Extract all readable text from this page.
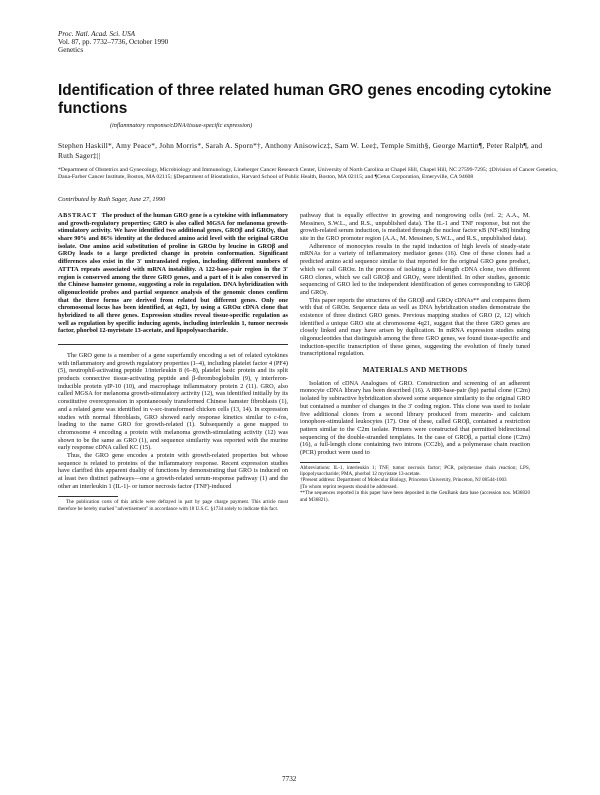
Proc. Natl. Acad. Sci. USA
Vol. 87, pp. 7732–7736, October 1990
Genetics
Identification of three related human GRO genes encoding cytokine functions
(inflammatory response/cDNA/tissue-specific expression)
Stephen Haskill*, Amy Peace*, John Morris*, Sarah A. Sporn*†, Anthony Anisowicz‡, Sam W. Lee‡, Temple Smith§, George Martin¶, Peter Ralph¶, and Ruth Sager‡||
*Department of Obstetrics and Gynecology, Microbiology and Immunology, Lineberger Cancer Research Center, University of North Carolina at Chapel Hill, Chapel Hill, NC 27599-7295; ‡Division of Cancer Genetics, Dana-Farber Cancer Institute, Boston, MA 02115; §Department of Biostatistics, Harvard School of Public Health, Boston, MA 02115; and ¶Cetus Corporation, Emeryville, CA 94608
Contributed by Ruth Sager, June 27, 1990

ABSTRACT The product of the human GRO gene is a cytokine with inflammatory and growth-regulatory properties; GRO is also called MGSA for melanoma growth-stimulatory activity. We have identified two additional genes, GROβ and GROγ, that share 90% and 86% identity at the deduced amino acid level with the original GROα isolate. One amino acid substitution of proline in GROα by leucine in GROβ and GROγ leads to a large predicted change in protein conformation. Significant differences also exist in the 3′ untranslated region, including different numbers of ATTTA repeats associated with mRNA instability. A 122-base-pair region in the 3′ region is conserved among the three GRO genes, and a part of it is also conserved in the Chinese hamster genome, suggesting a role in regulation. DNA hybridization with oligonucleotide probes and partial sequence analysis of the genomic clones confirm that the three forms are derived from related but different genes. Only one chromosomal locus has been identified, at 4q21, by using a GROα cDNA clone that hybridized to all three genes. Expression studies reveal tissue-specific regulation as well as regulation by specific inducing agents, including interleukin 1, tumor necrosis factor, phorbol 12-myristate 13-acetate, and lipopolysaccharide.

The GRO gene is a member of a gene superfamily encoding a set of related cytokines with inflammatory and growth regulatory properties (1–4), including platelet factor 4 (PF4) (5), neutrophil-activating peptide 1/interleukin 8 (6–8), platelet basic protein and its split products connective tissue-activating peptide and β-thromboglobulin (9), γ interferon-inducible protein γIP-10 (10), and macrophage inflammatory protein 2 (11). GRO, also called MGSA for melanoma growth-stimulatory activity (12), was identified initially by its constitutive overexpression in spontaneously transformed Chinese hamster fibroblasts (1), and a related gene was identified in v-src-transformed chicken cells (13, 14). In expression studies with normal fibroblasts, GRO showed early response kinetics similar to c-fos, leading to the name GRO for growth-related (1). Subsequently a gene mapped to chromosome 4 encoding a protein with melanoma growth-stimulating activity (12) was shown to be the same as GRO (1), and sequence similarity was reported with the murine early response cDNA called KC (15).

Thus, the GRO gene encodes a protein with growth-related properties but whose sequence is related to proteins of the inflammatory response. Recent expression studies have clarified this apparent duality of functions by demonstrating that GRO is induced on at least two distinct pathways—one a growth-related serum-response pathway (1) and the other an interleukin 1 (IL-1)- or tumor necrosis factor (TNF)-induced

The publication costs of this article were defrayed in part by page charge payment. This article must therefore be hereby marked "advertisement" in accordance with 18 U.S.C. §1734 solely to indicate this fact.

pathway that is equally effective in growing and nongrowing cells (ref. 2; A.A., M. Messineo, S.W.L., and R.S., unpublished data). The IL-1 and TNF response, but not the growth-related serum induction, is mediated through the nuclear factor κB (NF-κB) binding site in the GRO promoter region (A.A., M. Messineo, S.W.L., and R.S., unpublished data).

Adherence of monocytes results in the rapid induction of high levels of steady-state mRNAs for a variety of inflammatory mediator genes (16). One of these clones had a predicted amino acid sequence similar to that reported for the original GRO gene product, which we call GROα. In the process of isolating a full-length cDNA clone, two different GRO clones, which we call GROβ and GROγ, were identified. In other studies, genomic sequencing of GRO led to the independent identification of genes corresponding to GROβ and GROγ.

This paper reports the structures of the GROβ and GROγ cDNAs** and compares them with that of GROα. Sequence data as well as DNA hybridization studies demonstrate the existence of three distinct GRO genes. Previous mapping studies of GRO (2, 12) which identified a unique GRO site at chromosome 4q21, suggest that the three GRO genes are closely linked and may have arisen by duplication. In mRNA expression studies using oligonucleotides that distinguish among the three GRO genes, we found tissue-specific and induction-specific transcription of these genes, suggesting the evolution of finely tuned transcriptional regulation.

MATERIALS AND METHODS

Isolation of cDNA Analogues of GRO. Construction and screening of an adherent monocyte cDNA library has been described (16). A 880-base-pair (bp) partial clone (C2m) isolated by subtractive hybridization showed some sequence similarity to the original GRO but contained a number of changes in the 3′ coding region. This clone was used to isolate five additional clones from a second library produced from mezerin- and calcium ionophore-stimulated leukocytes (17). One of these, called GROβ, contained a restriction pattern similar to the C2m isolate. Primers were constructed that permitted bidirectional sequencing of the double-stranded templates. In the case of GROβ, a partial clone (C2m) (16), a full-length clone containing two introns (CC2b), and a polymerase chain reaction (PCR) product were used to

Abbreviations: IL-1, interleukin 1; TNF, tumor necrosis factor; PCR, polymerase chain reaction; LPS, lipopolysaccharide; PMA, phorbol 12 myristate 13-acetate.

†Present address: Department of Molecular Biology, Princeton University, Princeton, NJ 08544-1003

||To whom reprint requests should be addressed.

**The sequences reported in this paper have been deposited in the GenBank data base (accession nos. M36820 and M36821).

7732
